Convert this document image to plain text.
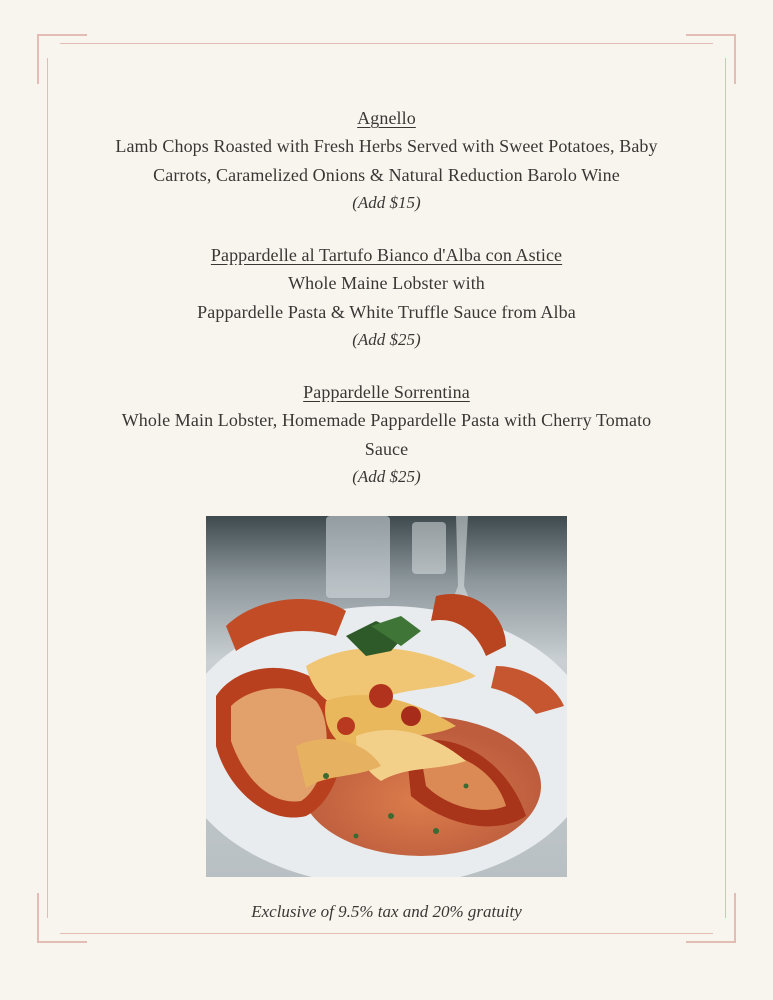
Agnello
Lamb Chops Roasted with Fresh Herbs Served with Sweet Potatoes, Baby
Carrots, Caramelized Onions & Natural Reduction Barolo Wine
(Add $15)
Pappardelle al Tartufo Bianco d'Alba con Astice
Whole Maine Lobster with
Pappardelle Pasta & White Truffle Sauce from Alba
(Add $25)
Pappardelle Sorrentina
Whole Main Lobster, Homemade Pappardelle Pasta with Cherry Tomato
Sauce
(Add $25)
Exclusive of 9.5% tax and 20% gratuity
